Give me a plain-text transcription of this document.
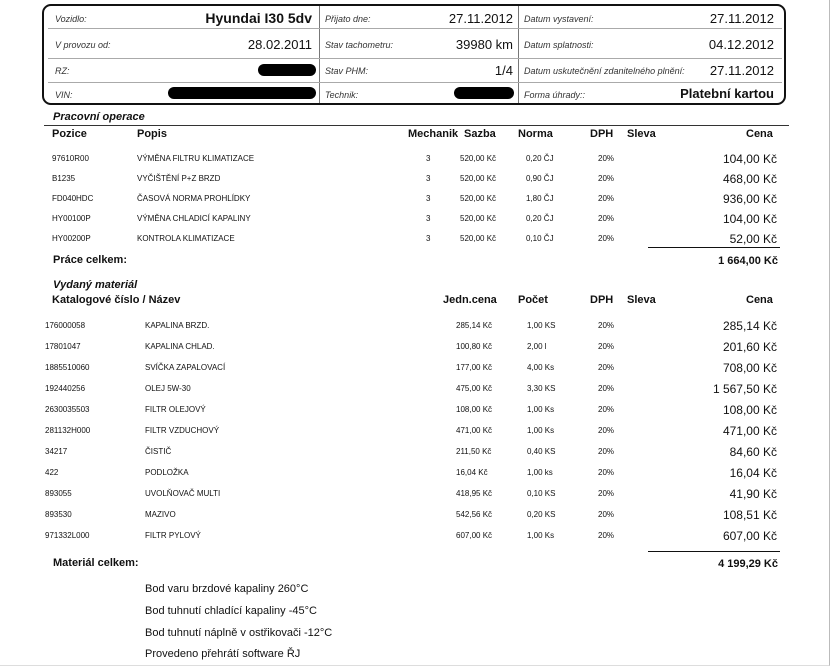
Vozidlo:	Hyundai I30 5dv
V provozu od:	28.02.2011
RZ:
VIN:
Přijato dne:	27.11.2012
Stav tachometru:	39980 km
Stav PHM:	1/4
Technik:
Datum vystavení:	27.11.2012
Datum splatnosti:	04.12.2012
Datum uskutečnění zdanitelného plnění: 27.11.2012
Forma úhrady::	Platební kartou
Pracovní operace
Pozice	Popis	Mechanik Sazba Norma	DPH Sleva	Cena
97610R00	VÝMĚNA FILTRU KLIMATIZACE	3	520,00 Kč	0,20 ČJ	20%	104,00 Kč
B1235	VYČIŠTĚNÍ P+Z BRZD	3	520,00 Kč	0,90 ČJ	20%	468,00 Kč
FD040HDC	ČASOVÁ NORMA PROHLÍDKY	3	520,00 Kč	1,80 ČJ	20%	936,00 Kč
HY00100P	VÝMĚNA CHLADICÍ KAPALINY	3	520,00 Kč	0,20 ČJ	20%	104,00 Kč
HY00200P	KONTROLA KLIMATIZACE	3	520,00 Kč	0,10 ČJ	20%	52,00 Kč
Práce celkem:	1 664,00 Kč
Vydaný materiál
Katalogové číslo / Název	Jedn.cena Počet	DPH Sleva	Cena
176000058	KAPALINA BRZD.	285,14 Kč	1,00 KS	20%	285,14 Kč
17801047	KAPALINA CHLAD.	100,80 Kč	2,00 l	20%	201,60 Kč
1885510060	SVÍČKA ZAPALOVACÍ	177,00 Kč	4,00 Ks	20%	708,00 Kč
192440256	OLEJ 5W-30	475,00 Kč	3,30 KS	20%	1 567,50 Kč
2630035503	FILTR OLEJOVÝ	108,00 Kč	1,00 Ks	20%	108,00 Kč
281132H000	FILTR VZDUCHOVÝ	471,00 Kč	1,00 Ks	20%	471,00 Kč
34217	ČISTIČ	211,50 Kč	0,40 KS	20%	84,60 Kč
422	PODLOŽKA	16,04 Kč	1,00 ks	20%	16,04 Kč
893055	UVOLŇOVAČ MULTI	418,95 Kč	0,10 KS	20%	41,90 Kč
893530	MAZIVO	542,56 Kč	0,20 KS	20%	108,51 Kč
971332L000	FILTR PYLOVÝ	607,00 Kč	1,00 Ks	20%	607,00 Kč
Materiál celkem:	4 199,29 Kč
Bod varu brzdové kapaliny 260°C
Bod tuhnutí chladící kapaliny -45°C
Bod tuhnutí náplně v ostřikovači -12°C
Provedeno přehrátí software ŘJ
